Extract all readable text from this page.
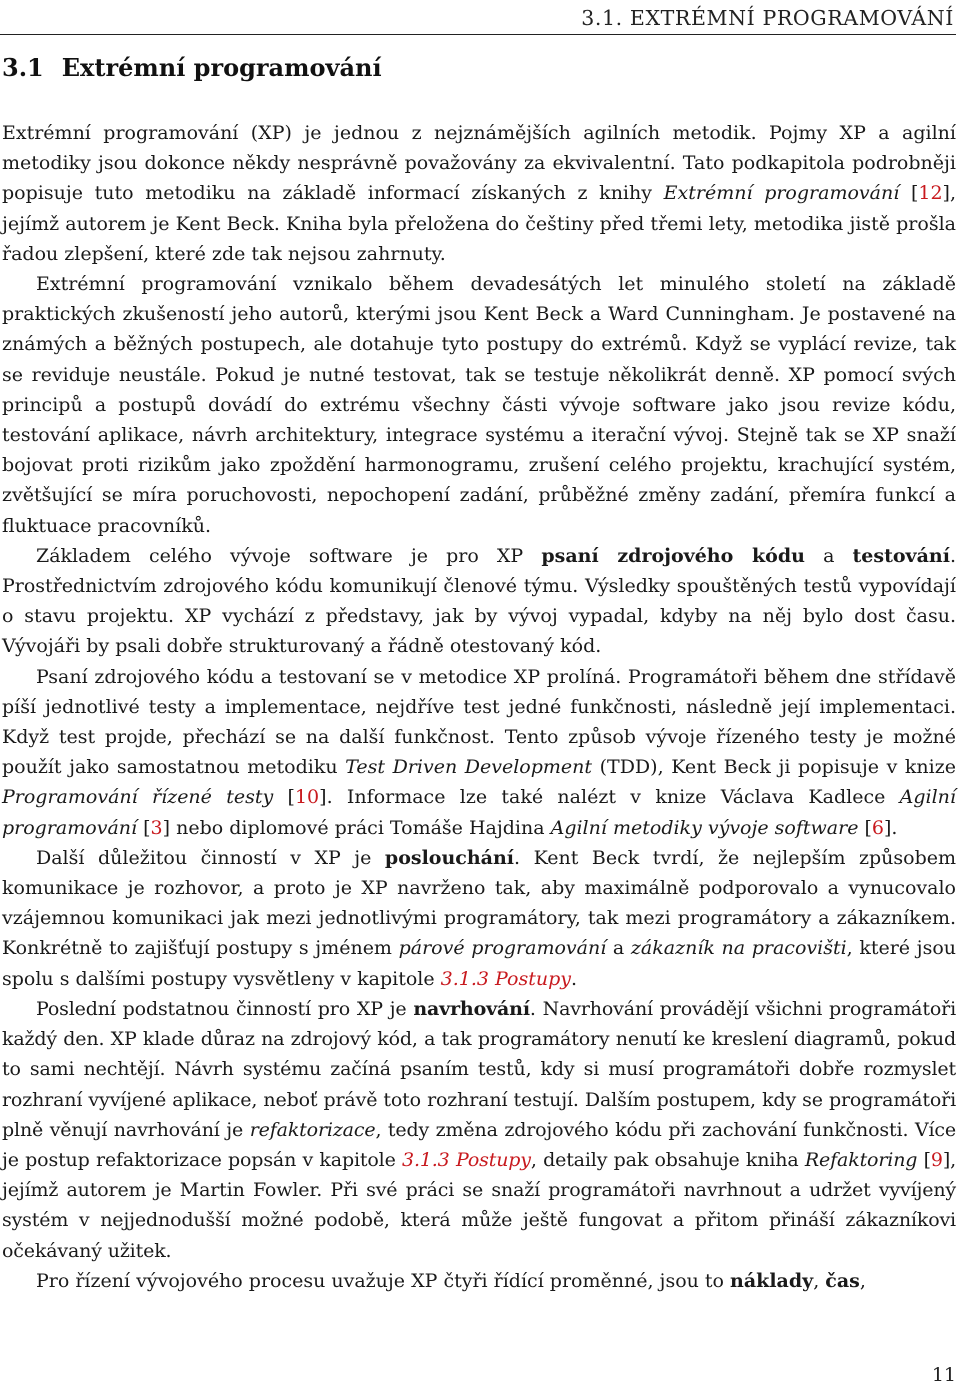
3.1. EXTRÉMNÍ PROGRAMOVÁNÍ
3.1 Extrémní programování

Extrémní programování (XP) je jednou z nejznámějších agilních metodik. Pojmy XP a agilní metodiky jsou dokonce někdy nesprávně považovány za ekvivalentní. Tato podkapitola podrobněji popisuje tuto metodiku na základě informací získaných z knihy Extrémní programování [12], jejímž autorem je Kent Beck. Kniha byla přeložena do češtiny před třemi lety, metodika jistě prošla řadou zlepšení, které zde tak nejsou zahrnuty.

Extrémní programování vznikalo během devadesátých let minulého století na základě praktických zkušeností jeho autorů, kterými jsou Kent Beck a Ward Cunningham. Je postavené na známých a běžných postupech, ale dotahuje tyto postupy do extrémů. Když se vyplácí revize, tak se reviduje neustále. Pokud je nutné testovat, tak se testuje několikrát denně. XP pomocí svých principů a postupů dovádí do extrému všechny části vývoje software jako jsou revize kódu, testování aplikace, návrh architektury, integrace systému a iterační vývoj. Stejně tak se XP snaží bojovat proti rizikům jako zpoždění harmonogramu, zrušení celého projektu, krachující systém, zvětšující se míra poruchovosti, nepochopení zadání, průběžné změny zadání, přemíra funkcí a fluktuace pracovníků.

Základem celého vývoje software je pro XP psaní zdrojového kódu a testování. Prostřednictvím zdrojového kódu komunikují členové týmu. Výsledky spouštěných testů vypovídají o stavu projektu. XP vychází z představy, jak by vývoj vypadal, kdyby na něj bylo dost času. Vývojáři by psali dobře strukturovaný a řádně otestovaný kód.

Psaní zdrojového kódu a testovaní se v metodice XP prolíná. Programátoři během dne střídavě píší jednotlivé testy a implementace, nejdříve test jedné funkčnosti, následně její implementaci. Když test projde, přechází se na další funkčnost. Tento způsob vývoje řízeného testy je možné použít jako samostatnou metodiku Test Driven Development (TDD), Kent Beck ji popisuje v knize Programování řízené testy [10]. Informace lze také nalézt v knize Václava Kadlece Agilní programování [3] nebo diplomové práci Tomáše Hajdina Agilní metodiky vývoje software [6].

Další důležitou činností v XP je poslouchání. Kent Beck tvrdí, že nejlepším způsobem komunikace je rozhovor, a proto je XP navrženo tak, aby maximálně podporovalo a vynucovalo vzájemnou komunikaci jak mezi jednotlivými programátory, tak mezi programátory a zákazníkem. Konkrétně to zajišťují postupy s jménem párové programování a zákazník na pracovišti, které jsou spolu s dalšími postupy vysvětleny v kapitole 3.1.3 Postupy.

Poslední podstatnou činností pro XP je navrhování. Navrhování provádějí všichni programátoři každý den. XP klade důraz na zdrojový kód, a tak programátory nenutí ke kreslení diagramů, pokud to sami nechtějí. Návrh systému začíná psaním testů, kdy si musí programátoři dobře rozmyslet rozhraní vyvíjené aplikace, neboť právě toto rozhraní testují. Dalším postupem, kdy se programátoři plně věnují navrhování je refaktorizace, tedy změna zdrojového kódu při zachování funkčnosti. Více je postup refaktorizace popsán v kapitole 3.1.3 Postupy, detaily pak obsahuje kniha Refaktoring [9], jejímž autorem je Martin Fowler. Při své práci se snaží programátoři navrhnout a udržet vyvíjený systém v nejjednodušší možné podobě, která může ještě fungovat a přitom přináší zákazníkovi očekávaný užitek.

Pro řízení vývojového procesu uvažuje XP čtyři řídící proměnné, jsou to náklady, čas,

11
